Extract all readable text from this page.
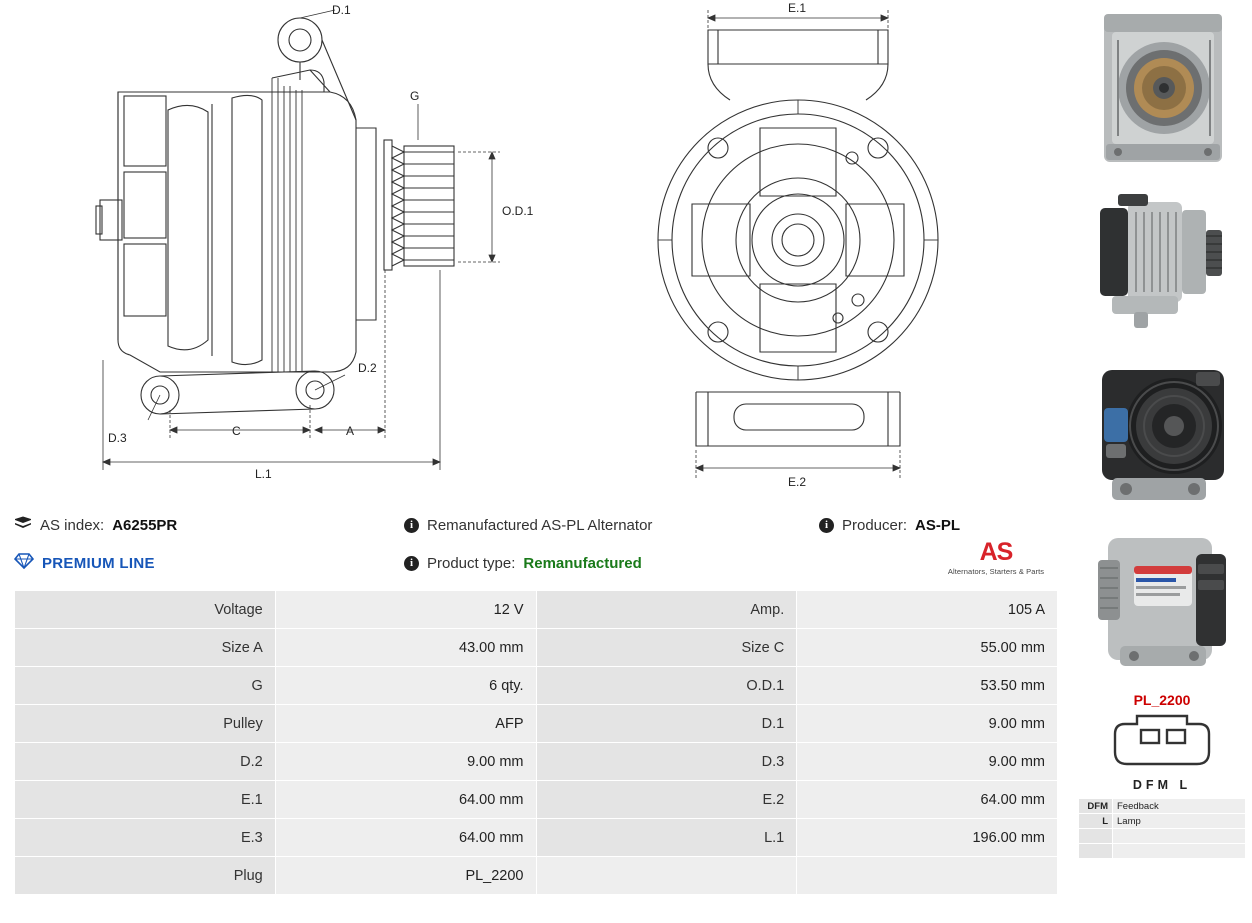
D.1
G
O.D.1
D.2
D.3	C	A
L.1
E.1
E.2
AS index: A6255PR	i Remanufactured AS-PL Alternator	i Producer: AS-PL
PREMIUM LINE	i Product type: Remanufactured	AS
Alternators, Starters & Parts
Voltage	12 V	Amp.	105 A
Size A	43.00 mm	Size C	55.00 mm
G	6 qty.	O.D.1	53.50 mm
Pulley	AFP	D.1	9.00 mm
D.2	9.00 mm	D.3	9.00 mm
E.1	64.00 mm	E.2	64.00 mm
E.3	64.00 mm	L.1	196.00 mm
Plug	PL_2200		
PL_2200
DFM L
DFM	Feedback
L	Lamp
